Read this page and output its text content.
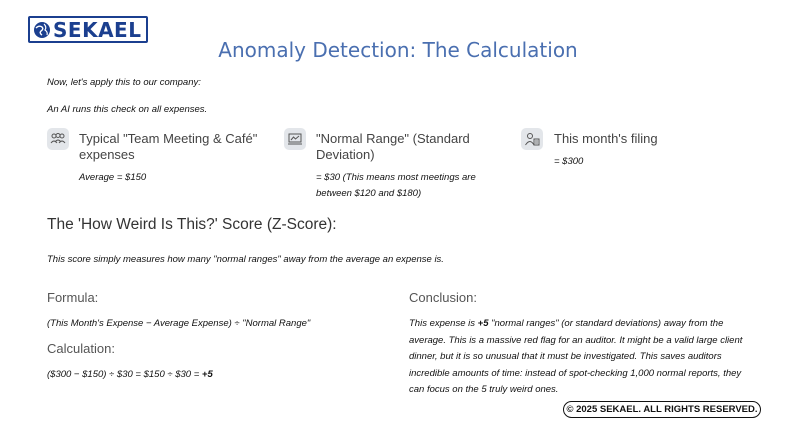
SEKAEL
Anomaly Detection: The Calculation
Now, let's apply this to our company:
An AI runs this check on all expenses.
Typical "Team Meeting & Café"
expenses
Average = $150
"Normal Range" (Standard
Deviation)
= $30 (This means most meetings are
between $120 and $180)
This month's filing
= $300
The 'How Weird Is This?' Score (Z-Score):
This score simply measures how many "normal ranges" away from the average an expense is.
Formula:
(This Month's Expense − Average Expense) ÷ "Normal Range"
Calculation:
($300 − $150) ÷ $30 = $150 ÷ $30 = +5
Conclusion:
This expense is +5 "normal ranges" (or standard deviations) away from the average. This is a massive red flag for an auditor. It might be a valid large client dinner, but it is so unusual that it must be investigated. This saves auditors incredible amounts of time: instead of spot-checking 1,000 normal reports, they can focus on the 5 truly weird ones.
© 2025 SEKAEL. ALL RIGHTS RESERVED.
